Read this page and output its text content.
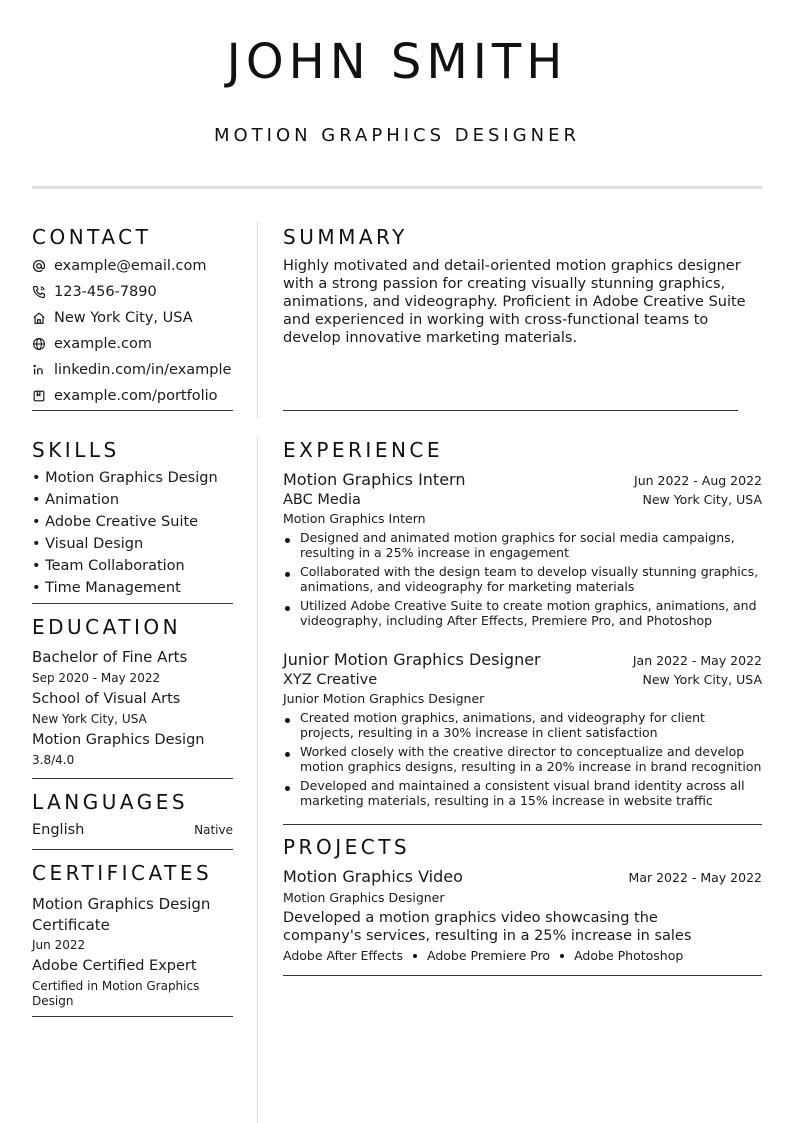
JOHN SMITH
MOTION GRAPHICS DESIGNER
CONTACT
example@email.com
123-456-7890
New York City, USA
example.com
linkedin.com/in/example
example.com/portfolio
SUMMARY
Highly motivated and detail-oriented motion graphics designer with a strong passion for creating visually stunning graphics, animations, and videography. Proficient in Adobe Creative Suite and experienced in working with cross-functional teams to develop innovative marketing materials.
SKILLS
• Motion Graphics Design
• Animation
• Adobe Creative Suite
• Visual Design
• Team Collaboration
• Time Management
EDUCATION
Bachelor of Fine Arts
Sep 2020 - May 2022
School of Visual Arts
New York City, USA
Motion Graphics Design
3.8/4.0
LANGUAGES
English	Native
CERTIFICATES
Motion Graphics Design Certificate
Jun 2022
Adobe Certified Expert
Certified in Motion Graphics Design
EXPERIENCE
Motion Graphics Intern	Jun 2022 - Aug 2022
ABC Media	New York City, USA
Motion Graphics Intern
Designed and animated motion graphics for social media campaigns, resulting in a 25% increase in engagement
Collaborated with the design team to develop visually stunning graphics, animations, and videography for marketing materials
Utilized Adobe Creative Suite to create motion graphics, animations, and videography, including After Effects, Premiere Pro, and Photoshop
Junior Motion Graphics Designer	Jan 2022 - May 2022
XYZ Creative	New York City, USA
Junior Motion Graphics Designer
Created motion graphics, animations, and videography for client projects, resulting in a 30% increase in client satisfaction
Worked closely with the creative director to conceptualize and develop motion graphics designs, resulting in a 20% increase in brand recognition
Developed and maintained a consistent visual brand identity across all marketing materials, resulting in a 15% increase in website traffic
PROJECTS
Motion Graphics Video	Mar 2022 - May 2022
Motion Graphics Designer
Developed a motion graphics video showcasing the company's services, resulting in a 25% increase in sales
Adobe After Effects Adobe Premiere Pro Adobe Photoshop
